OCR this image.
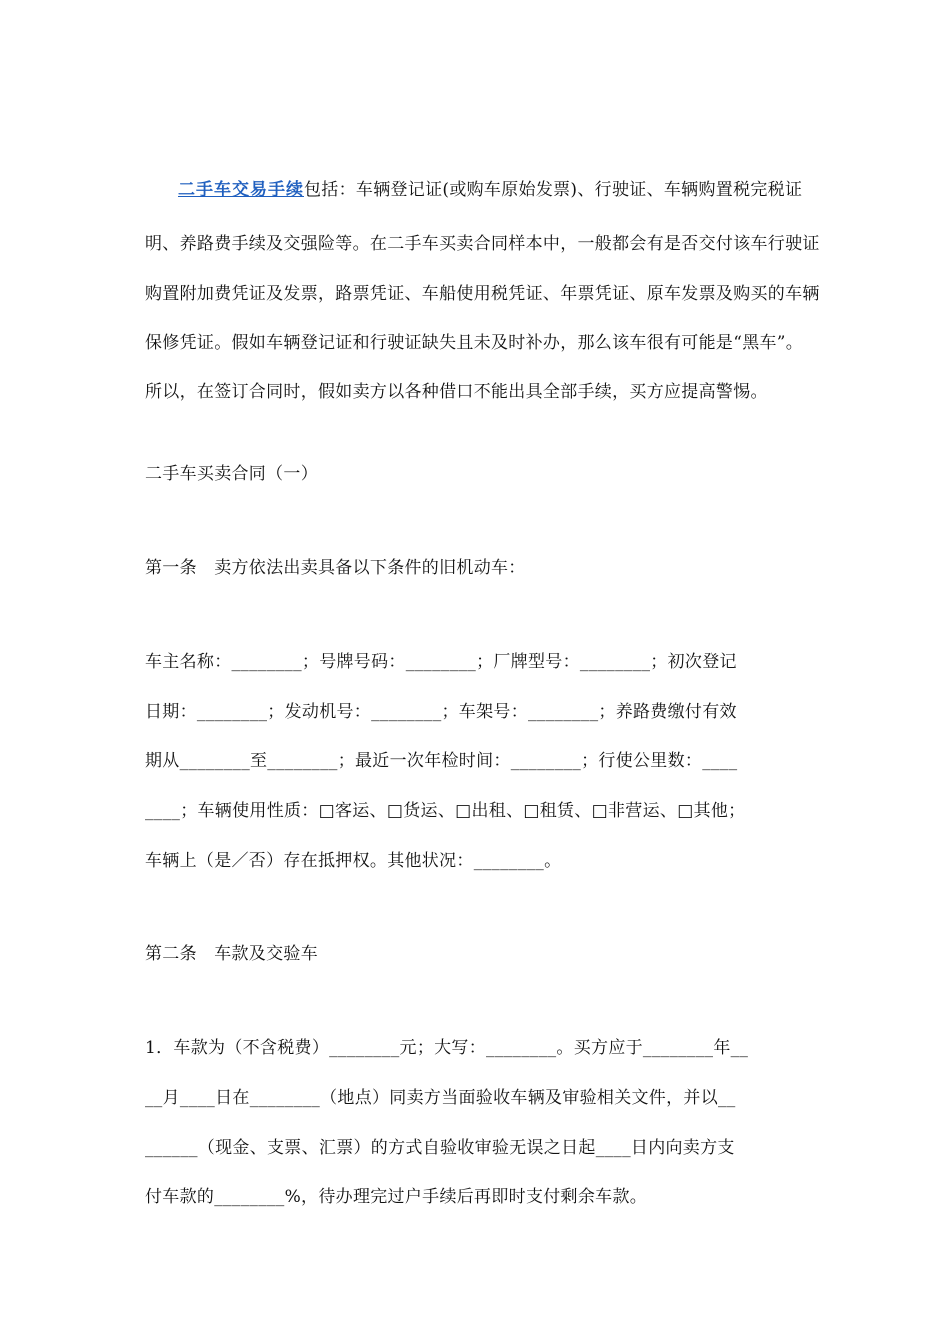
二手车交易手续包括：车辆登记证(或购车原始发票)、行驶证、车辆购置税完税证
明、养路费手续及交强险等。在二手车买卖合同样本中，一般都会有是否交付该车行驶证
购置附加费凭证及发票，路票凭证、车船使用税凭证、年票凭证、原车发票及购买的车辆
保修凭证。假如车辆登记证和行驶证缺失且未及时补办，那么该车很有可能是“黑车”。
所以，在签订合同时，假如卖方以各种借口不能出具全部手续，买方应提高警惕。
二手车买卖合同（一）
第一条　卖方依法出卖具备以下条件的旧机动车：
车主名称：________；号牌号码：________；厂牌型号：________；初次登记
日期：________；发动机号：________；车架号：________；养路费缴付有效
期从________至________；最近一次年检时间：________；行使公里数：____
____；车辆使用性质：□客运、□货运、□出租、□租赁、□非营运、□其他；
车辆上（是／否）存在抵押权。其他状况：________。
第二条　车款及交验车
1．车款为（不含税费）________元；大写：________。买方应于________年__
__月____日在________（地点）同卖方当面验收车辆及审验相关文件，并以__
______（现金、支票、汇票）的方式自验收审验无误之日起____日内向卖方支
付车款的________%，待办理完过户手续后再即时支付剩余车款。
